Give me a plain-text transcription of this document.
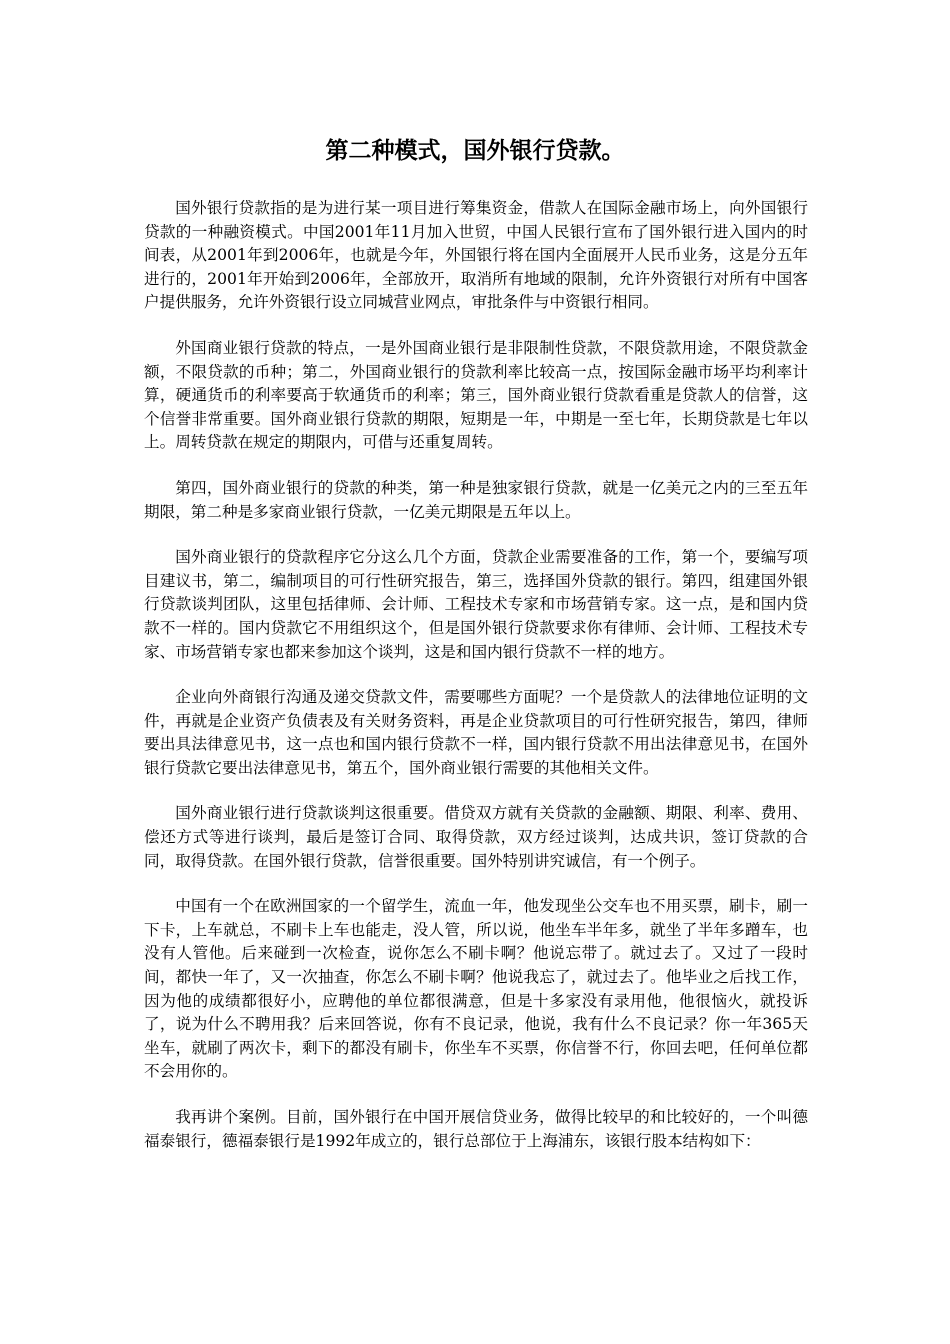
第二种模式，国外银行贷款。

国外银行贷款指的是为进行某一项目进行筹集资金，借款人在国际金融市场上，向外国银行贷款的一种融资模式。中国2001年11月加入世贸，中国人民银行宣布了国外银行进入国内的时间表，从2001年到2006年，也就是今年，外国银行将在国内全面展开人民币业务，这是分五年进行的，2001年开始到2006年，全部放开，取消所有地域的限制，允许外资银行对所有中国客户提供服务，允许外资银行设立同城营业网点，审批条件与中资银行相同。

外国商业银行贷款的特点，一是外国商业银行是非限制性贷款，不限贷款用途，不限贷款金额，不限贷款的币种；第二，外国商业银行的贷款利率比较高一点，按国际金融市场平均利率计算，硬通货币的利率要高于软通货币的利率；第三，国外商业银行贷款看重是贷款人的信誉，这个信誉非常重要。国外商业银行贷款的期限，短期是一年，中期是一至七年，长期贷款是七年以上。周转贷款在规定的期限内，可借与还重复周转。

第四，国外商业银行的贷款的种类，第一种是独家银行贷款，就是一亿美元之内的三至五年期限，第二种是多家商业银行贷款，一亿美元期限是五年以上。

国外商业银行的贷款程序它分这么几个方面，贷款企业需要准备的工作，第一个，要编写项目建议书，第二，编制项目的可行性研究报告，第三，选择国外贷款的银行。第四，组建国外银行贷款谈判团队，这里包括律师、会计师、工程技术专家和市场营销专家。这一点，是和国内贷款不一样的。国内贷款它不用组织这个，但是国外银行贷款要求你有律师、会计师、工程技术专家、市场营销专家也都来参加这个谈判，这是和国内银行贷款不一样的地方。

企业向外商银行沟通及递交贷款文件，需要哪些方面呢？一个是贷款人的法律地位证明的文件，再就是企业资产负债表及有关财务资料，再是企业贷款项目的可行性研究报告，第四，律师要出具法律意见书，这一点也和国内银行贷款不一样，国内银行贷款不用出法律意见书，在国外银行贷款它要出法律意见书，第五个，国外商业银行需要的其他相关文件。

国外商业银行进行贷款谈判这很重要。借贷双方就有关贷款的金融额、期限、利率、费用、偿还方式等进行谈判，最后是签订合同、取得贷款，双方经过谈判，达成共识，签订贷款的合同，取得贷款。在国外银行贷款，信誉很重要。国外特别讲究诚信，有一个例子。

中国有一个在欧洲国家的一个留学生，流血一年，他发现坐公交车也不用买票，刷卡，刷一下卡，上车就总，不刷卡上车也能走，没人管，所以说，他坐车半年多，就坐了半年多蹭车，也没有人管他。后来碰到一次检查，说你怎么不刷卡啊？他说忘带了。就过去了。又过了一段时间，都快一年了，又一次抽查，你怎么不刷卡啊？他说我忘了，就过去了。他毕业之后找工作，因为他的成绩都很好小，应聘他的单位都很满意，但是十多家没有录用他，他很恼火，就投诉了，说为什么不聘用我？后来回答说，你有不良记录，他说，我有什么不良记录？你一年365天坐车，就刷了两次卡，剩下的都没有刷卡，你坐车不买票，你信誉不行，你回去吧，任何单位都不会用你的。

我再讲个案例。目前，国外银行在中国开展信贷业务，做得比较早的和比较好的，一个叫德福泰银行，德福泰银行是1992年成立的，银行总部位于上海浦东，该银行股本结构如下：
